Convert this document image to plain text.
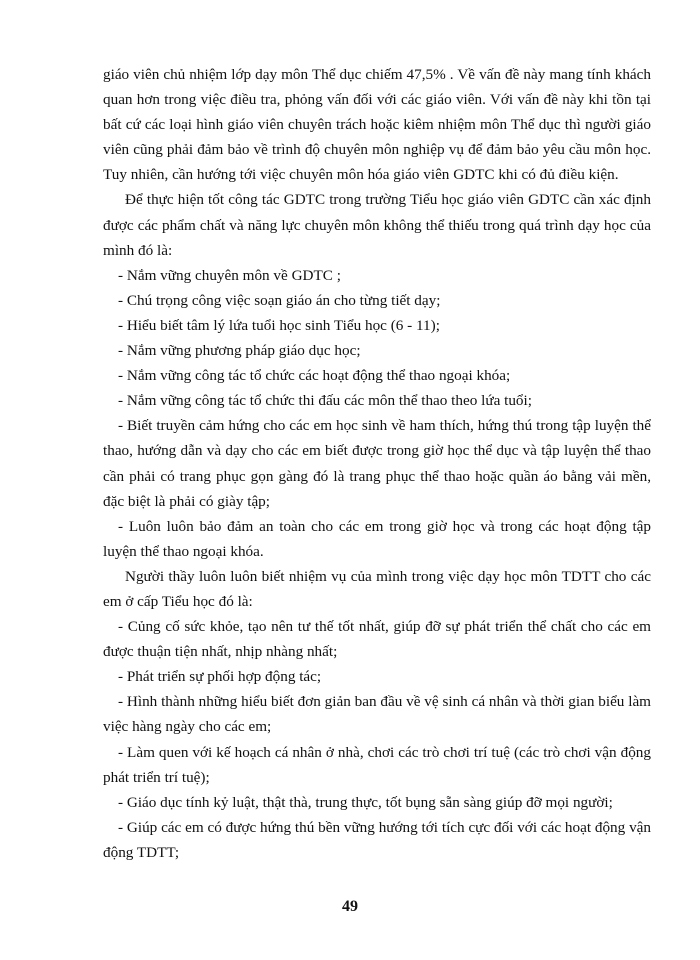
giáo viên chủ nhiệm lớp dạy môn Thể dục chiếm 47,5% . Về vấn đề này mang tính khách quan hơn trong việc điều tra, phỏng vấn đối với các giáo viên. Với vấn đề này khi tồn tại bất cứ các loại hình giáo viên chuyên trách hoặc kiêm nhiệm môn Thể dục thì người giáo viên cũng phải đảm bảo về trình độ chuyên môn nghiệp vụ để đảm bảo yêu cầu môn học. Tuy nhiên, cần hướng tới việc chuyên môn hóa giáo viên GDTC khi có đủ điều kiện.

Để thực hiện tốt công tác GDTC trong trường Tiểu học giáo viên GDTC cần xác định được các phẩm chất và năng lực chuyên môn không thể thiếu trong quá trình dạy học của mình đó là:

- Nắm vững chuyên môn về GDTC ;

- Chú trọng công việc soạn giáo án cho từng tiết dạy;

- Hiểu biết tâm lý lứa tuổi học sinh Tiểu học (6 - 11);

- Nắm vững phương pháp giáo dục học;

- Nắm vững công tác tổ chức các hoạt động thể thao ngoại khóa;

- Nắm vững công tác tổ chức thi đấu các môn thể thao theo lứa tuổi;

- Biết truyền cảm hứng cho các em học sinh về ham thích, hứng thú trong tập luyện thể thao, hướng dẫn và dạy cho các em biết được trong giờ học thể dục và tập luyện thể thao cần phải có trang phục gọn gàng đó là trang phục thể thao hoặc quần áo bằng vải mền, đặc biệt là phải có giày tập;

- Luôn luôn bảo đảm an toàn cho các em trong giờ học và trong các hoạt động tập luyện thể thao ngoại khóa.

Người thầy luôn luôn biết nhiệm vụ của mình trong việc dạy học môn TDTT cho các em ở cấp Tiểu học đó là:

- Củng cố sức khỏe, tạo nên tư thế tốt nhất, giúp đỡ sự phát triển thể chất cho các em được thuận tiện nhất, nhịp nhàng nhất;

- Phát triển sự phối hợp động tác;

- Hình thành những hiểu biết đơn giản ban đầu về vệ sinh cá nhân và thời gian biểu làm việc hàng ngày cho các em;

- Làm quen với kế hoạch cá nhân ở nhà, chơi các trò chơi trí tuệ (các trò chơi vận động phát triển trí tuệ);

- Giáo dục tính kỷ luật, thật thà, trung thực, tốt bụng sẵn sàng giúp đỡ mọi người;

- Giúp các em có được hứng thú bền vững hướng tới tích cực đối với các hoạt động vận động TDTT;

49
